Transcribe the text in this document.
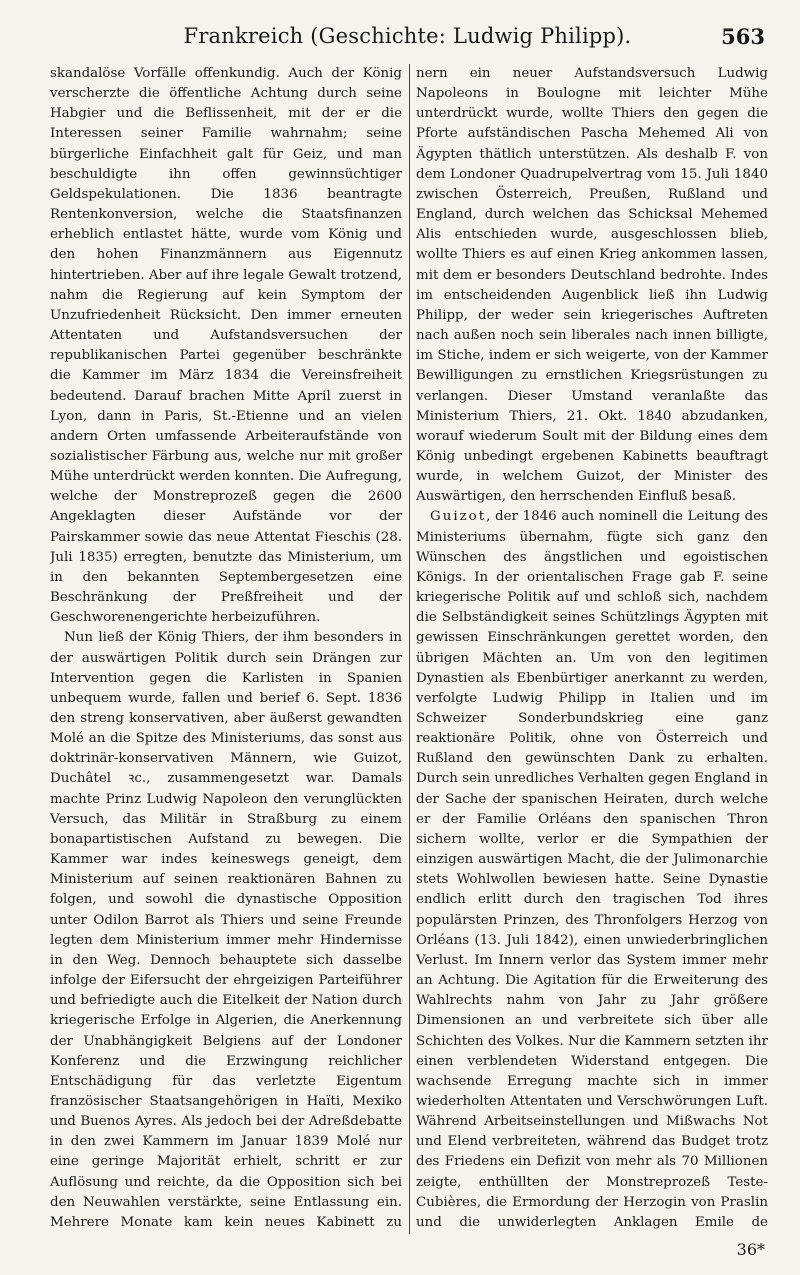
Frankreich (Geschichte: Ludwig Philipp).	563

skandalöse Vorfälle offenkundig. Auch der König verscherzte die öffentliche Achtung durch seine Habgier und die Beflissenheit, mit der er die Interessen seiner Familie wahrnahm; seine bürgerliche Einfachheit galt für Geiz, und man beschuldigte ihn offen gewinnsüchtiger Geldspekulationen. Die 1836 beantragte Rentenkonversion, welche die Staatsfinanzen erheblich entlastet hätte, wurde vom König und den hohen Finanzmännern aus Eigennutz hintertrieben. Aber auf ihre legale Gewalt trotzend, nahm die Regierung auf kein Symptom der Unzufriedenheit Rücksicht. Den immer erneuten Attentaten und Aufstandsversuchen der republikanischen Partei gegenüber beschränkte die Kammer im März 1834 die Vereinsfreiheit bedeutend. Darauf brachen Mitte April zuerst in Lyon, dann in Paris, St.-Etienne und an vielen andern Orten umfassende Arbeiteraufstände von sozialistischer Färbung aus, welche nur mit großer Mühe unterdrückt werden konnten. Die Aufregung, welche der Monstreprozeß gegen die 2600 Angeklagten dieser Aufstände vor der Pairskammer sowie das neue Attentat Fieschis (28. Juli 1835) erregten, benutzte das Ministerium, um in den bekannten Septembergesetzen eine Beschränkung der Preßfreiheit und der Geschworenengerichte herbeizuführen.

Nun ließ der König Thiers, der ihm besonders in der auswärtigen Politik durch sein Drängen zur Intervention gegen die Karlisten in Spanien unbequem wurde, fallen und berief 6. Sept. 1836 den streng konservativen, aber äußerst gewandten Molé an die Spitze des Ministeriums, das sonst aus doktrinär-konservativen Männern, wie Guizot, Duchâtel ꝛc., zusammengesetzt war. Damals machte Prinz Ludwig Napoleon den verunglückten Versuch, das Militär in Straßburg zu einem bonapartistischen Aufstand zu bewegen. Die Kammer war indes keineswegs geneigt, dem Ministerium auf seinen reaktionären Bahnen zu folgen, und sowohl die dynastische Opposition unter Odilon Barrot als Thiers und seine Freunde legten dem Ministerium immer mehr Hindernisse in den Weg. Dennoch behauptete sich dasselbe infolge der Eifersucht der ehrgeizigen Parteiführer und befriedigte auch die Eitelkeit der Nation durch kriegerische Erfolge in Algerien, die Anerkennung der Unabhängigkeit Belgiens auf der Londoner Konferenz und die Erzwingung reichlicher Entschädigung für das verletzte Eigentum französischer Staatsangehörigen in Haïti, Mexiko und Buenos Ayres. Als jedoch bei der Adreßdebatte in den zwei Kammern im Januar 1839 Molé nur eine geringe Majorität erhielt, schritt er zur Auflösung und reichte, da die Opposition sich bei den Neuwahlen verstärkte, seine Entlassung ein. Mehrere Monate kam kein neues Kabinett zu

nern ein neuer Aufstandsversuch Ludwig Napoleons in Boulogne mit leichter Mühe unterdrückt wurde, wollte Thiers den gegen die Pforte aufständischen Pascha Mehemed Ali von Ägypten thätlich unterstützen. Als deshalb F. von dem Londoner Quadrupelvertrag vom 15. Juli 1840 zwischen Österreich, Preußen, Rußland und England, durch welchen das Schicksal Mehemed Alis entschieden wurde, ausgeschlossen blieb, wollte Thiers es auf einen Krieg ankommen lassen, mit dem er besonders Deutschland bedrohte. Indes im entscheidenden Augenblick ließ ihn Ludwig Philipp, der weder sein kriegerisches Auftreten nach außen noch sein liberales nach innen billigte, im Stiche, indem er sich weigerte, von der Kammer Bewilligungen zu ernstlichen Kriegsrüstungen zu verlangen. Dieser Umstand veranlaßte das Ministerium Thiers, 21. Okt. 1840 abzudanken, worauf wiederum Soult mit der Bildung eines dem König unbedingt ergebenen Kabinetts beauftragt wurde, in welchem Guizot, der Minister des Auswärtigen, den herrschenden Einfluß besaß.

Guizot, der 1846 auch nominell die Leitung des Ministeriums übernahm, fügte sich ganz den Wünschen des ängstlichen und egoistischen Königs. In der orientalischen Frage gab F. seine kriegerische Politik auf und schloß sich, nachdem die Selbständigkeit seines Schützlings Ägypten mit gewissen Einschränkungen gerettet worden, den übrigen Mächten an. Um von den legitimen Dynastien als Ebenbürtiger anerkannt zu werden, verfolgte Ludwig Philipp in Italien und im Schweizer Sonderbundskrieg eine ganz reaktionäre Politik, ohne von Österreich und Rußland den gewünschten Dank zu erhalten. Durch sein unredliches Verhalten gegen England in der Sache der spanischen Heiraten, durch welche er der Familie Orléans den spanischen Thron sichern wollte, verlor er die Sympathien der einzigen auswärtigen Macht, die der Julimonarchie stets Wohlwollen bewiesen hatte. Seine Dynastie endlich erlitt durch den tragischen Tod ihres populärsten Prinzen, des Thronfolgers Herzog von Orléans (13. Juli 1842), einen unwiederbringlichen Verlust. Im Innern verlor das System immer mehr an Achtung. Die Agitation für die Erweiterung des Wahlrechts nahm von Jahr zu Jahr größere Dimensionen an und verbreitete sich über alle Schichten des Volkes. Nur die Kammern setzten ihr einen verblendeten Widerstand entgegen. Die wachsende Erregung machte sich in immer wiederholten Attentaten und Verschwörungen Luft. Während Arbeitseinstellungen und Mißwachs Not und Elend verbreiteten, während das Budget trotz des Friedens ein Defizit von mehr als 70 Millionen zeigte, enthüllten der Monstreprozeß Teste-Cubières, die Ermordung der Herzogin von Praslin und die unwiderlegten Anklagen Emile de

36*
